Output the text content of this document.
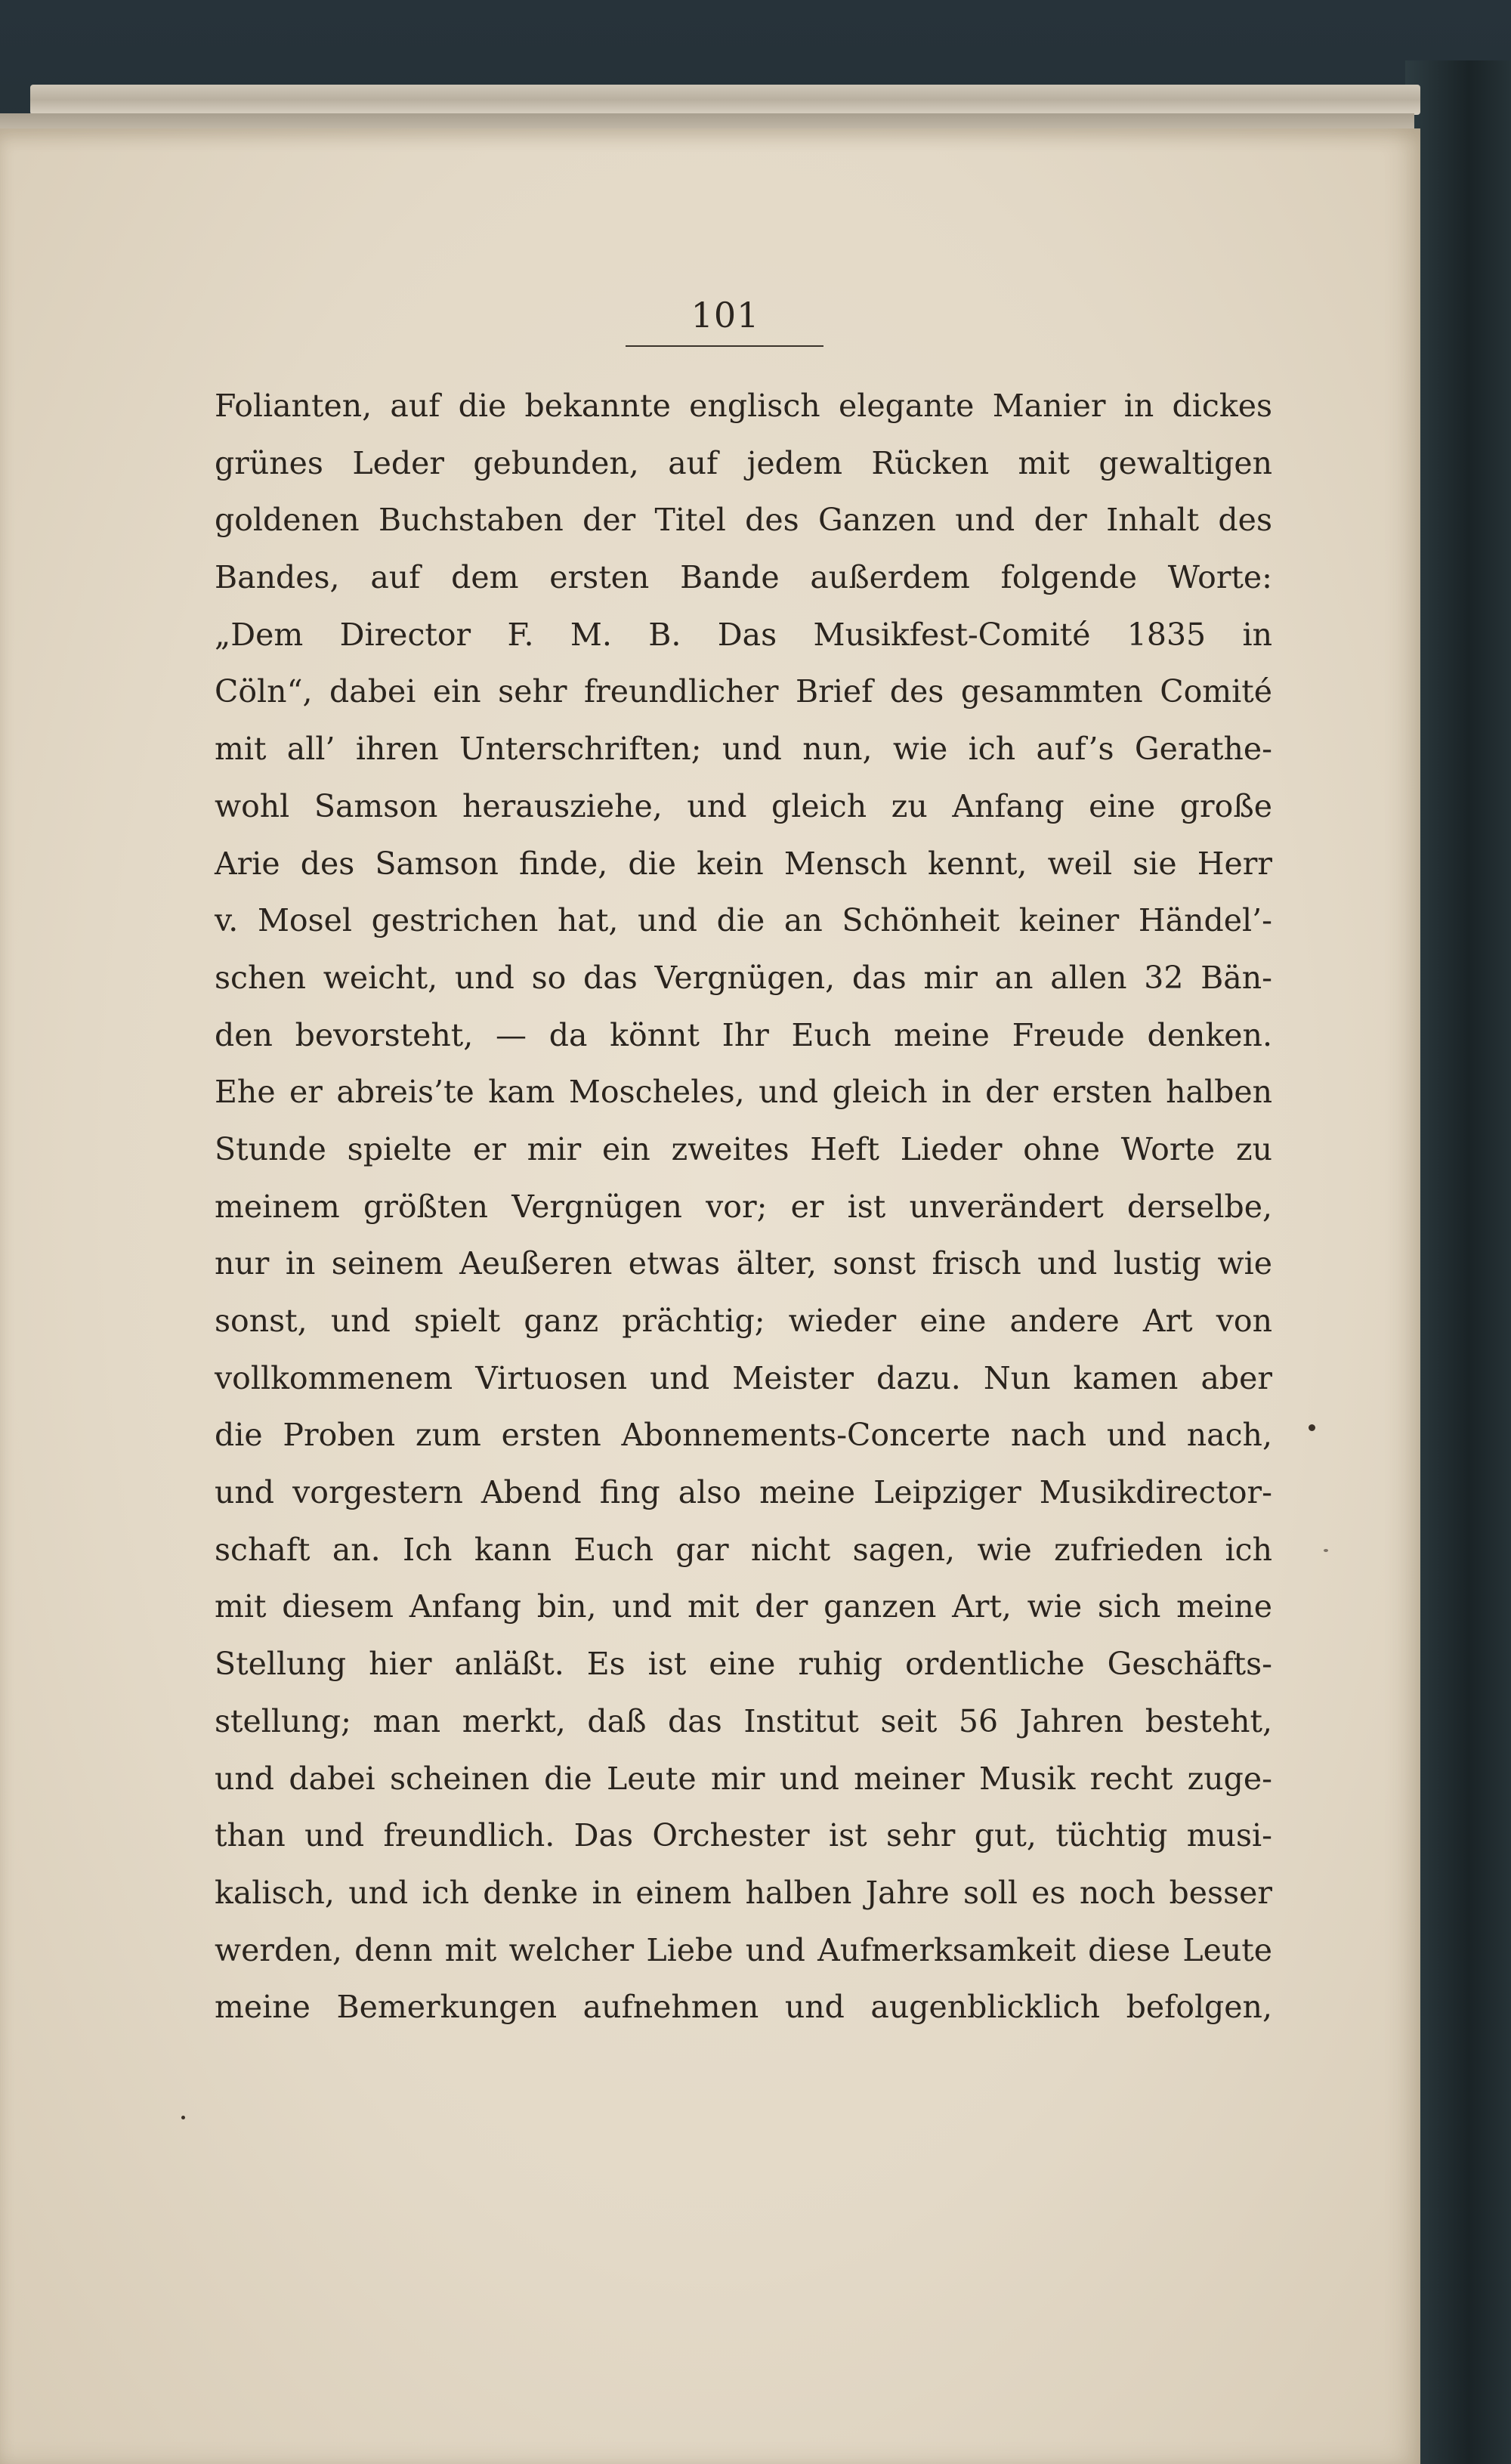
101
Folianten, auf die bekannte englisch elegante Manier in dickes
grünes Leder gebunden, auf jedem Rücken mit gewaltigen
goldenen Buchstaben der Titel des Ganzen und der Inhalt des
Bandes, auf dem ersten Bande außerdem folgende Worte:
„Dem Director F. M. B. Das Musikfest-Comité 1835 in
Cöln“, dabei ein sehr freundlicher Brief des gesammten Comité
mit all’ ihren Unterschriften; und nun, wie ich auf’s Gerathe-
wohl Samson herausziehe, und gleich zu Anfang eine große
Arie des Samson finde, die kein Mensch kennt, weil sie Herr
v. Mosel gestrichen hat, und die an Schönheit keiner Händel’-
schen weicht, und so das Vergnügen, das mir an allen 32 Bän-
den bevorsteht, — da könnt Ihr Euch meine Freude denken.
Ehe er abreis’te kam Moscheles, und gleich in der ersten halben
Stunde spielte er mir ein zweites Heft Lieder ohne Worte zu
meinem größten Vergnügen vor; er ist unverändert derselbe,
nur in seinem Aeußeren etwas älter, sonst frisch und lustig wie
sonst, und spielt ganz prächtig; wieder eine andere Art von
vollkommenem Virtuosen und Meister dazu. Nun kamen aber
die Proben zum ersten Abonnements-Concerte nach und nach,
und vorgestern Abend fing also meine Leipziger Musikdirector-
schaft an. Ich kann Euch gar nicht sagen, wie zufrieden ich
mit diesem Anfang bin, und mit der ganzen Art, wie sich meine
Stellung hier anläßt. Es ist eine ruhig ordentliche Geschäfts-
stellung; man merkt, daß das Institut seit 56 Jahren besteht,
und dabei scheinen die Leute mir und meiner Musik recht zuge-
than und freundlich. Das Orchester ist sehr gut, tüchtig musi-
kalisch, und ich denke in einem halben Jahre soll es noch besser
werden, denn mit welcher Liebe und Aufmerksamkeit diese Leute
meine Bemerkungen aufnehmen und augenblicklich befolgen,
